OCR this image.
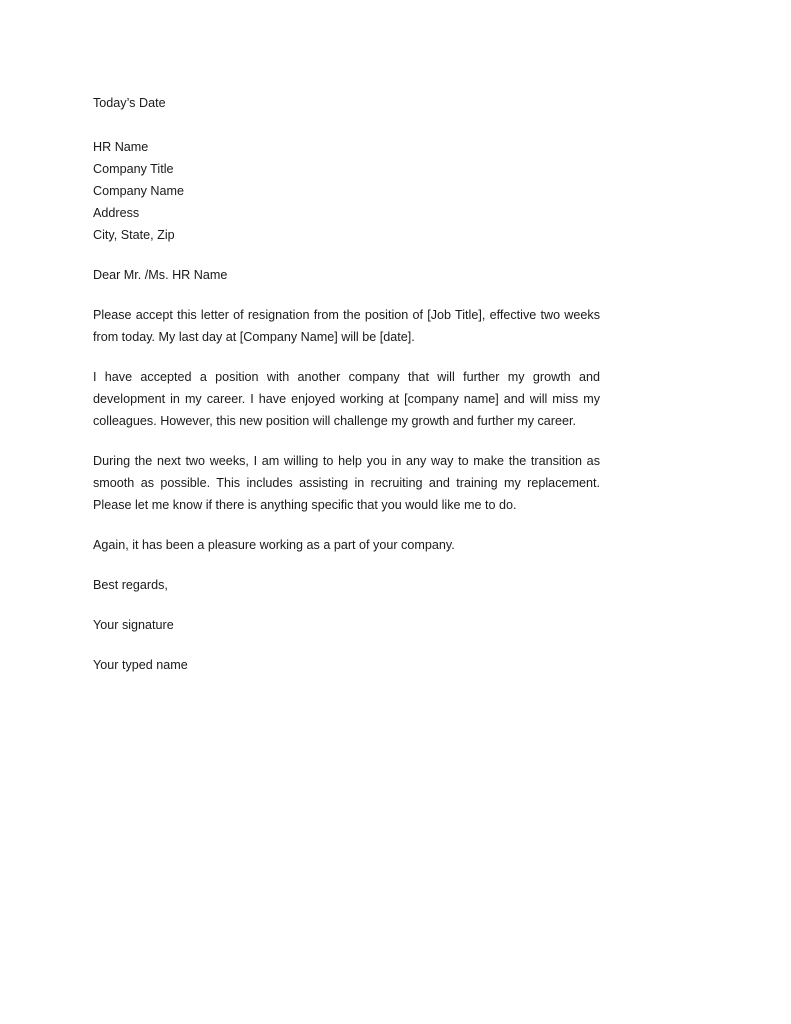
Today’s Date

HR Name

Company Title

Company Name

Address

City, State, Zip

Dear Mr. /Ms. HR Name

Please accept this letter of resignation from the position of [Job Title], effective two weeks from today. My last day at [Company Name] will be [date].

I have accepted a position with another company that will further my growth and development in my career. I have enjoyed working at [company name] and will miss my colleagues. However, this new position will challenge my growth and further my career.

During the next two weeks, I am willing to help you in any way to make the transition as smooth as possible. This includes assisting in recruiting and training my replacement. Please let me know if there is anything specific that you would like me to do.

Again, it has been a pleasure working as a part of your company.

Best regards,

Your signature

Your typed name
